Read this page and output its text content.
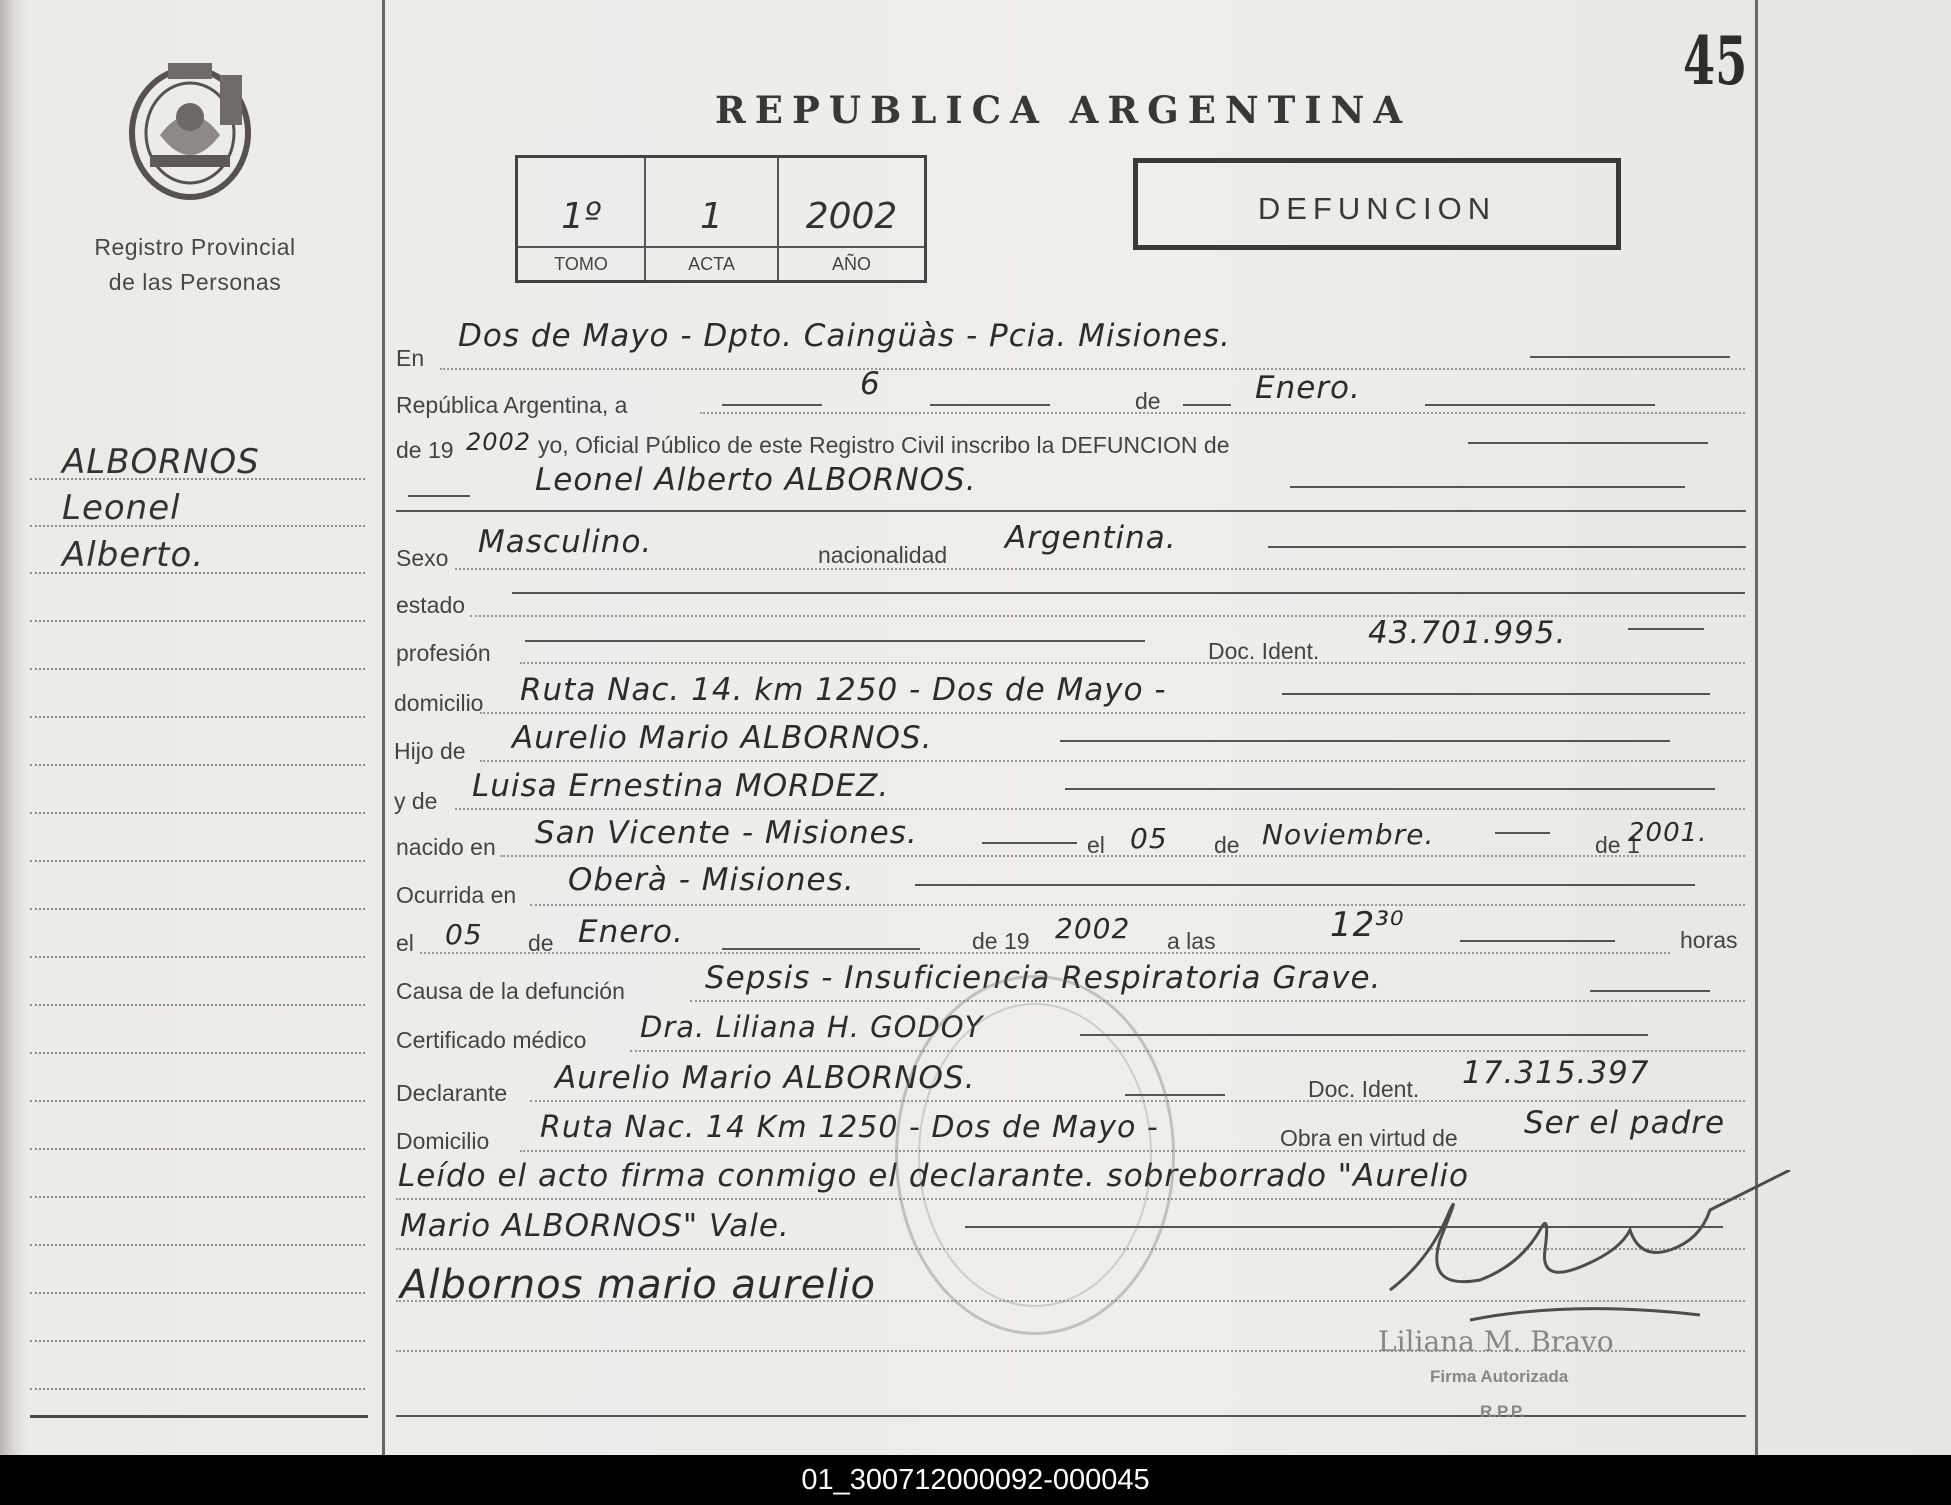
Registro Provincial
de las Personas
ALBORNOS
Leonel
Alberto.
REPUBLICA ARGENTINA
45
1º
TOMO
1
ACTA
2002
AÑO
DEFUNCION
En
Dos de Mayo - Dpto. Caingüàs - Pcia. Misiones.
República Argentina, a
6	de	Enero.
de 19 2002 yo, Oficial Público de este Registro Civil inscribo la DEFUNCION de
Leonel Alberto ALBORNOS.
Sexo Masculino.	nacionalidad Argentina.
estado
profesión	Doc. Ident. 43.701.995.
domicilio Ruta Nac. 14. km 1250 - Dos de Mayo -
Hijo de Aurelio Mario ALBORNOS.
y de Luisa Ernestina MORDEZ.
nacido en San Vicente - Misiones.	el 05 de Noviembre.	de 1
2001.
Ocurrida en Oberà - Misiones.
el 05 de Enero.	de 19 2002 a las	12³⁰	horas
Causa de la defunción	Sepsis - Insuficiencia Respiratoria Grave.
Certificado médico Dra. Liliana H. GODOY
Declarante Aurelio Mario ALBORNOS.	Doc. Ident. 17.315.397
Domicilio Ruta Nac. 14 Km 1250 - Dos de Mayo -	Obra en virtud de Ser el padre
Leído el acto firma conmigo el declarante. sobreborrado "Aurelio
Mario ALBORNOS" Vale.
Albornos mario aurelio
Liliana M. Bravo
Firma Autorizada
R.P.P.
01_300712000092-000045
